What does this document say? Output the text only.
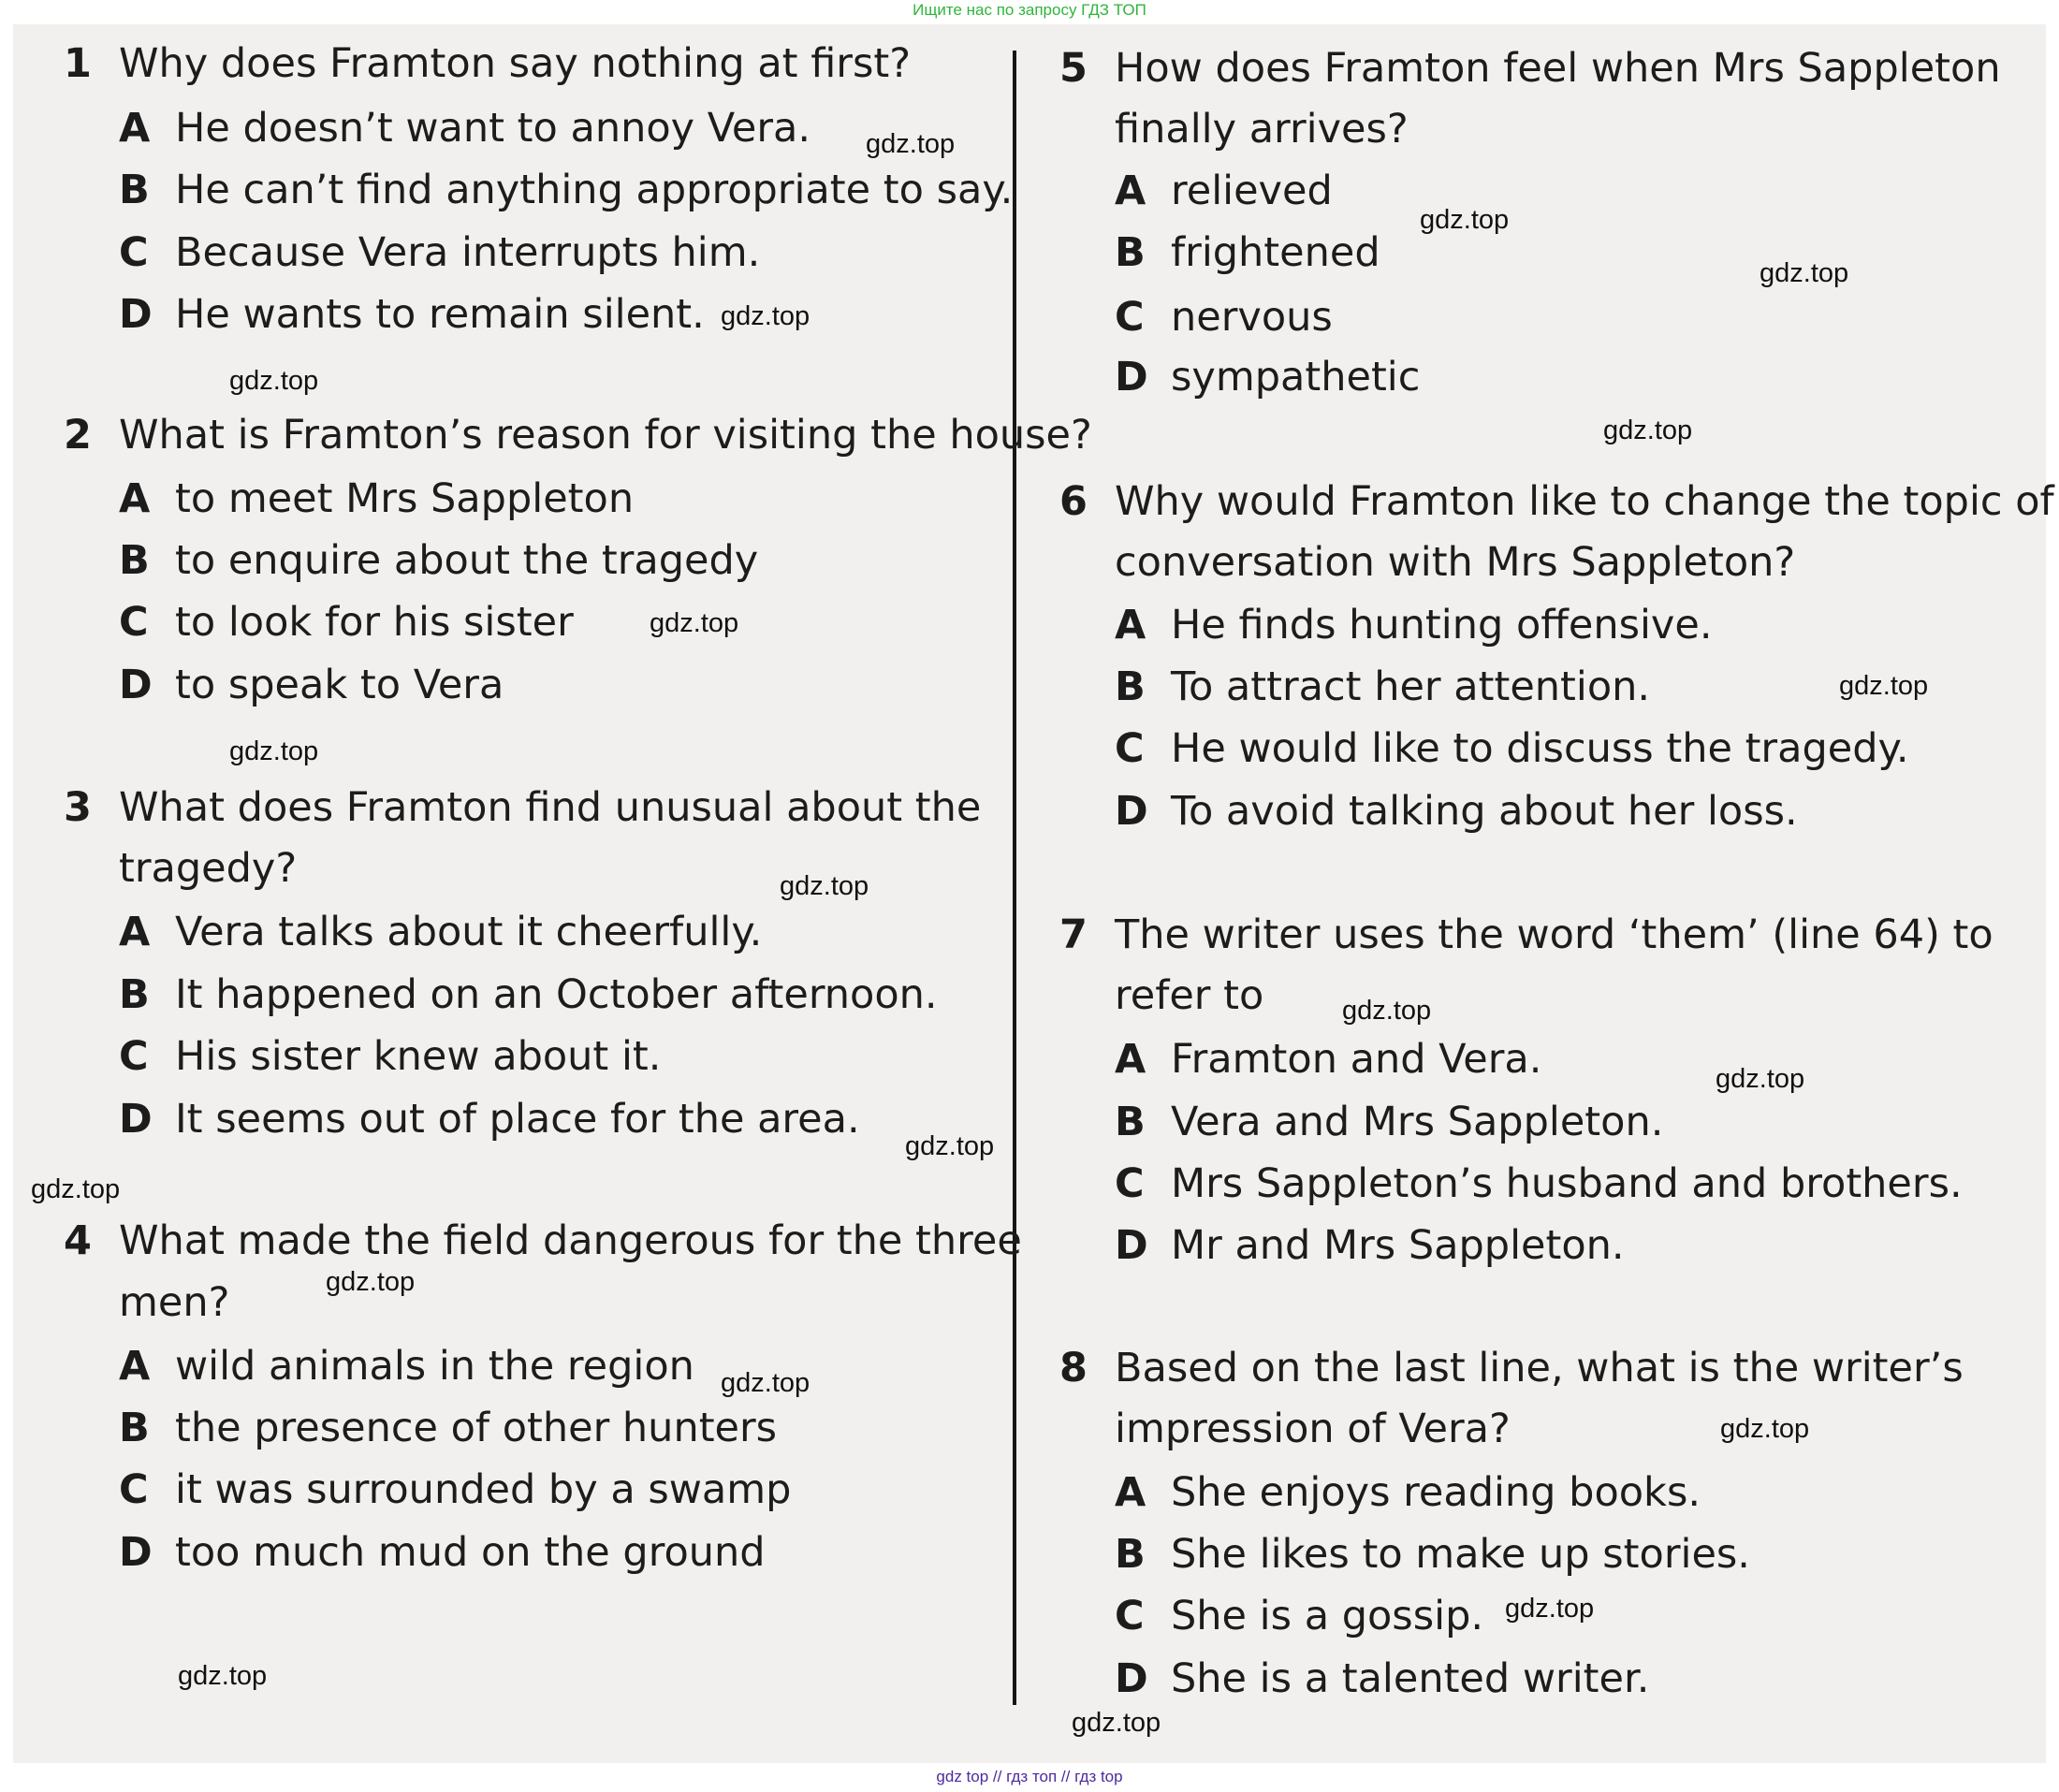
Ищите нас по запросу ГДЗ ТОП
1 Why does Framton say nothing at first?
A He doesn’t want to annoy Vera.
B He can’t find anything appropriate to say.
C Because Vera interrupts him.
D He wants to remain silent.
2 What is Framton’s reason for visiting the house?
A to meet Mrs Sappleton
B to enquire about the tragedy
C to look for his sister
D to speak to Vera
3 What does Framton find unusual about the
tragedy?
A Vera talks about it cheerfully.
B It happened on an October afternoon.
C His sister knew about it.
D It seems out of place for the area.
4 What made the field dangerous for the three
men?
A wild animals in the region
B the presence of other hunters
C it was surrounded by a swamp
D too much mud on the ground
5 How does Framton feel when Mrs Sappleton
finally arrives?
A relieved
B frightened
C nervous
D sympathetic
6 Why would Framton like to change the topic of
conversation with Mrs Sappleton?
A He finds hunting offensive.
B To attract her attention.
C He would like to discuss the tragedy.
D To avoid talking about her loss.
7 The writer uses the word ‘them’ (line 64) to
refer to
A Framton and Vera.
B Vera and Mrs Sappleton.
C Mrs Sappleton’s husband and brothers.
D Mr and Mrs Sappleton.
8 Based on the last line, what is the writer’s
impression of Vera?
A She enjoys reading books.
B She likes to make up stories.
C She is a gossip.
D She is a talented writer.
gdz.top
gdz.top
gdz.top
gdz.top
gdz.top
gdz.top
gdz.top
gdz.top
gdz.top
gdz.top
gdz.top
gdz.top
gdz.top
gdz.top
gdz.top
gdz.top
gdz.top
gdz.top
gdz.top
gdz.top
gdz top // гдз топ // гдз top
